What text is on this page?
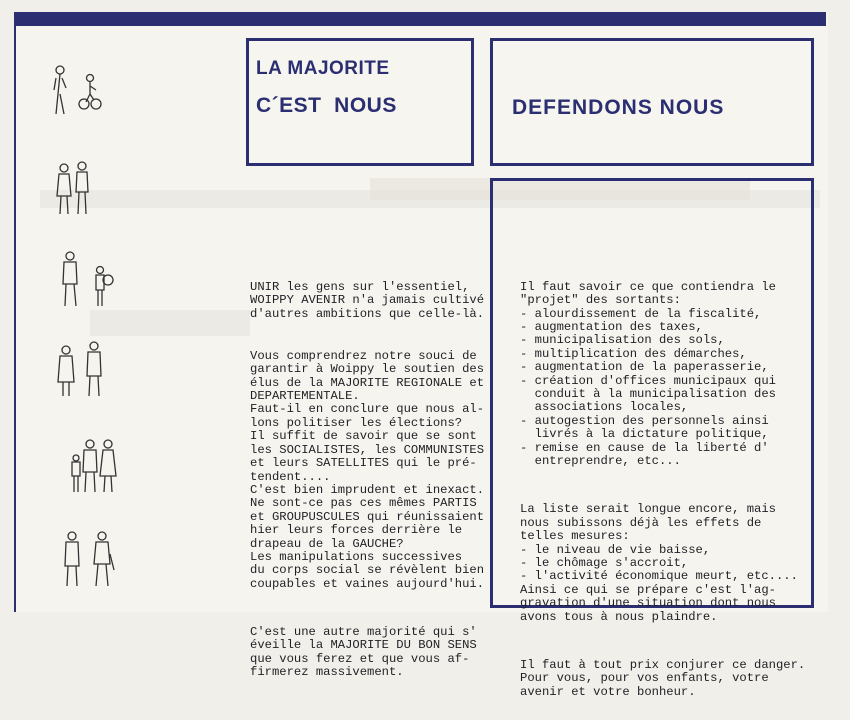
LA MAJORITE
C´EST  NOUS	DEFENDONS NOUS

UNIR les gens sur l'essentiel,
WOIPPY AVENIR n'a jamais cultivé
d'autres ambitions que celle-là.

Vous comprendrez notre souci de
garantir à Woippy le soutien des
élus de la MAJORITE REGIONALE et
DEPARTEMENTALE.
Faut-il en conclure que nous al-
lons politiser les élections?
Il suffit de savoir que se sont
les SOCIALISTES, les COMMUNISTES
et leurs SATELLITES qui le pré-
tendent....
C'est bien imprudent et inexact.
Ne sont-ce pas ces mêmes PARTIS
et GROUPUSCULES qui réunissaient
hier leurs forces derrière le
drapeau de la GAUCHE?
Les manipulations successives
du corps social se révèlent bien
coupables et vaines aujourd'hui.

C'est une autre majorité qui s'
éveille la MAJORITE DU BON SENS
que vous ferez et que vous af-
firmerez massivement.

Il faut savoir ce que contiendra le
"projet" des sortants:
- alourdissement de la fiscalité,
- augmentation des taxes,
- municipalisation des sols,
- multiplication des démarches,
- augmentation de la paperasserie,
- création d'offices municipaux qui
conduit à la municipalisation des
associations locales,
- autogestion des personnels ainsi
livrés à la dictature politique,
- remise en cause de la liberté d'
entreprendre, etc...

La liste serait longue encore, mais
nous subissons déjà les effets de
telles mesures:
- le niveau de vie baisse,
- le chômage s'accroit,
- l'activité économique meurt, etc....
Ainsi ce qui se prépare c'est l'ag-
gravation d'une situation dont nous
avons tous à nous plaindre.

Il faut à tout prix conjurer ce danger.
Pour vous, pour vos enfants, votre
avenir et votre bonheur.
